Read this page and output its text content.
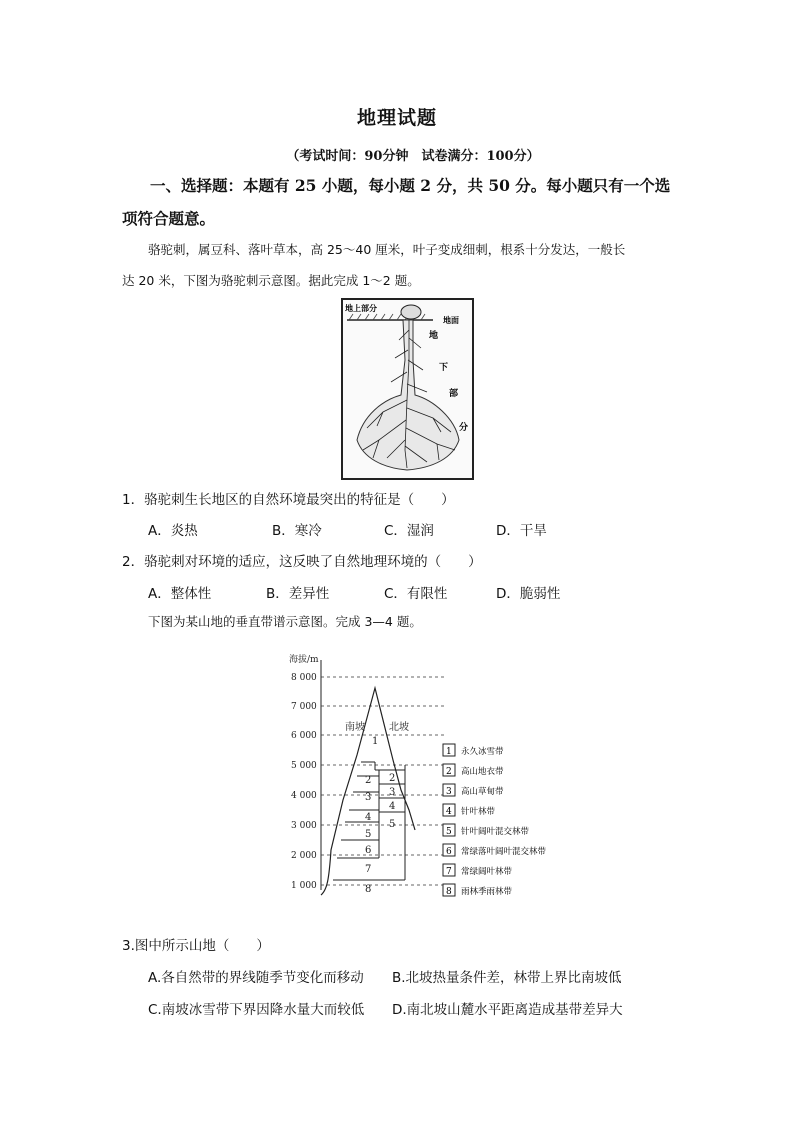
地理试题
（考试时间：90分钟　试卷满分：100分）
一、选择题：本题有 25 小题，每小题 2 分，共 50 分。每小题只有一个选
项符合题意。
骆驼刺，属豆科、落叶草本，高 25～40 厘米，叶子变成细刺，根系十分发达，一般长
达 20 米，下图为骆驼刺示意图。据此完成 1～2 题。
地上部分
地面
地
下
部
分
1．骆驼刺生长地区的自然环境最突出的特征是（　　）
A．炎热	B．寒冷	C．湿润	D．干旱
2．骆驼刺对环境的适应，这反映了自然地理环境的（　　）
A．整体性	B．差异性	C．有限性	D．脆弱性
下图为某山地的垂直带谱示意图。完成 3—4 题。
海拔/m
8 000
7 000
6 000
5 000
4 000
3 000
2 000
1 000
南坡 北坡
1
2
3
4
5
6
7
8
2
3
4
5
1 永久冰雪带
2 高山地衣带
3 高山草甸带
4 针叶林带
5 针叶阔叶混交林带
6 常绿落叶阔叶混交林带
7 常绿阔叶林带
8 雨林季雨林带
3.图中所示山地（　　）
A.各自然带的界线随季节变化而移动 B.北坡热量条件差，林带上界比南坡低
C.南坡冰雪带下界因降水量大而较低 D.南北坡山麓水平距离造成基带差异大
